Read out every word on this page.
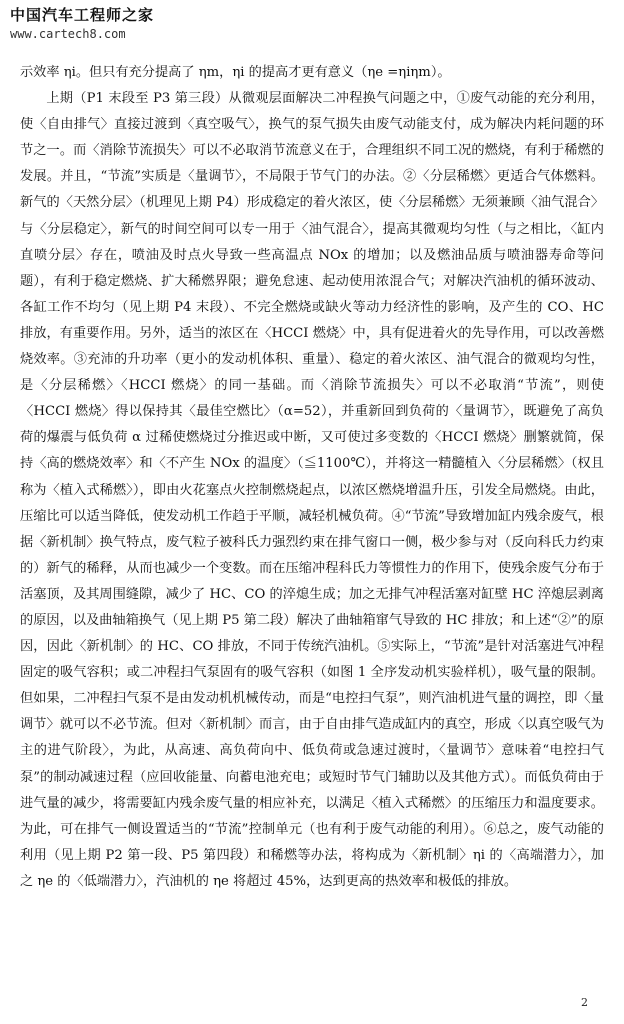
中国汽车工程师之家
www.cartech8.com

示效率 ηi。但只有充分提高了 ηm，ηi 的提高才更有意义（ηe =ηiηm）。

上期（P1 末段至 P3 第三段）从微观层面解决二冲程换气问题之中，①废气动能的充分利用，使〈自由排气〉直接过渡到〈真空吸气〉，换气的泵气损失由废气动能支付，成为解决内耗问题的环节之一。而〈消除节流损失〉可以不必取消节流意义在于，合理组织不同工况的燃烧，有利于稀燃的发展。并且，“节流”实质是〈量调节〉，不局限于节气门的办法。②〈分层稀燃〉更适合气体燃料。新气的〈天然分层〉（机理见上期 P4）形成稳定的着火浓区，使〈分层稀燃〉无须兼顾〈油气混合〉与〈分层稳定〉，新气的时间空间可以专一用于〈油气混合〉，提高其微观均匀性（与之相比，〈缸内直喷分层〉存在，喷油及时点火导致一些高温点 NOx 的增加；以及燃油品质与喷油器寿命等问题），有利于稳定燃烧、扩大稀燃界限；避免怠速、起动使用浓混合气；对解决汽油机的循环波动、各缸工作不均匀（见上期 P4 末段）、不完全燃烧或缺火等动力经济性的影响，及产生的 CO、HC 排放，有重要作用。另外，适当的浓区在〈HCCI 燃烧〉中，具有促进着火的先导作用，可以改善燃烧效率。③充沛的升功率（更小的发动机体积、重量）、稳定的着火浓区、油气混合的微观均匀性，是〈分层稀燃〉〈HCCI 燃烧〉的同一基础。而〈消除节流损失〉可以不必取消“节流”，则使〈HCCI 燃烧〉得以保持其〈最佳空燃比〉（α=52），并重新回到负荷的〈量调节〉，既避免了高负荷的爆震与低负荷 α 过稀使燃烧过分推迟或中断，又可使过多变数的〈HCCI 燃烧〉删繁就简，保持〈高的燃烧效率〉和〈不产生 NOx 的温度〉（≦1100℃），并将这一精髓植入〈分层稀燃〉（权且称为〈植入式稀燃〉），即由火花塞点火控制燃烧起点，以浓区燃烧增温升压，引发全局燃烧。由此，压缩比可以适当降低，使发动机工作趋于平顺，减轻机械负荷。④“节流”导致增加缸内残余废气，根据〈新机制〉换气特点，废气粒子被科氏力强烈约束在排气窗口一侧，极少参与对（反向科氏力约束的）新气的稀释，从而也减少一个变数。而在压缩冲程科氏力等惯性力的作用下，使残余废气分布于活塞顶，及其周围缝隙，减少了 HC、CO 的淬熄生成；加之无排气冲程活塞对缸壁 HC 淬熄层剥离的原因，以及曲轴箱换气（见上期 P5 第二段）解决了曲轴箱窜气导致的 HC 排放；和上述“②”的原因，因此〈新机制〉的 HC、CO 排放，不同于传统汽油机。⑤实际上，“节流”是针对活塞进气冲程固定的吸气容积；或二冲程扫气泵固有的吸气容积（如图 1 全序发动机实验样机），吸气量的限制。但如果，二冲程扫气泵不是由发动机机械传动，而是“电控扫气泵”，则汽油机进气量的调控，即〈量调节〉就可以不必节流。但对〈新机制〉而言，由于自由排气造成缸内的真空，形成〈以真空吸气为主的进气阶段〉，为此，从高速、高负荷向中、低负荷或急速过渡时，〈量调节〉意味着“电控扫气泵”的制动减速过程（应回收能量、向蓄电池充电；或短时节气门辅助以及其他方式）。而低负荷由于进气量的减少，将需要缸内残余废气量的相应补充，以满足〈植入式稀燃〉的压缩压力和温度要求。为此，可在排气一侧设置适当的“节流”控制单元（也有利于废气动能的利用）。⑥总之，废气动能的利用（见上期 P2 第一段、P5 第四段）和稀燃等办法，将构成为〈新机制〉ηi 的〈高端潜力〉，加之 ηe 的〈低端潜力〉，汽油机的 ηe 将超过 45%，达到更高的热效率和极低的排放。

2
